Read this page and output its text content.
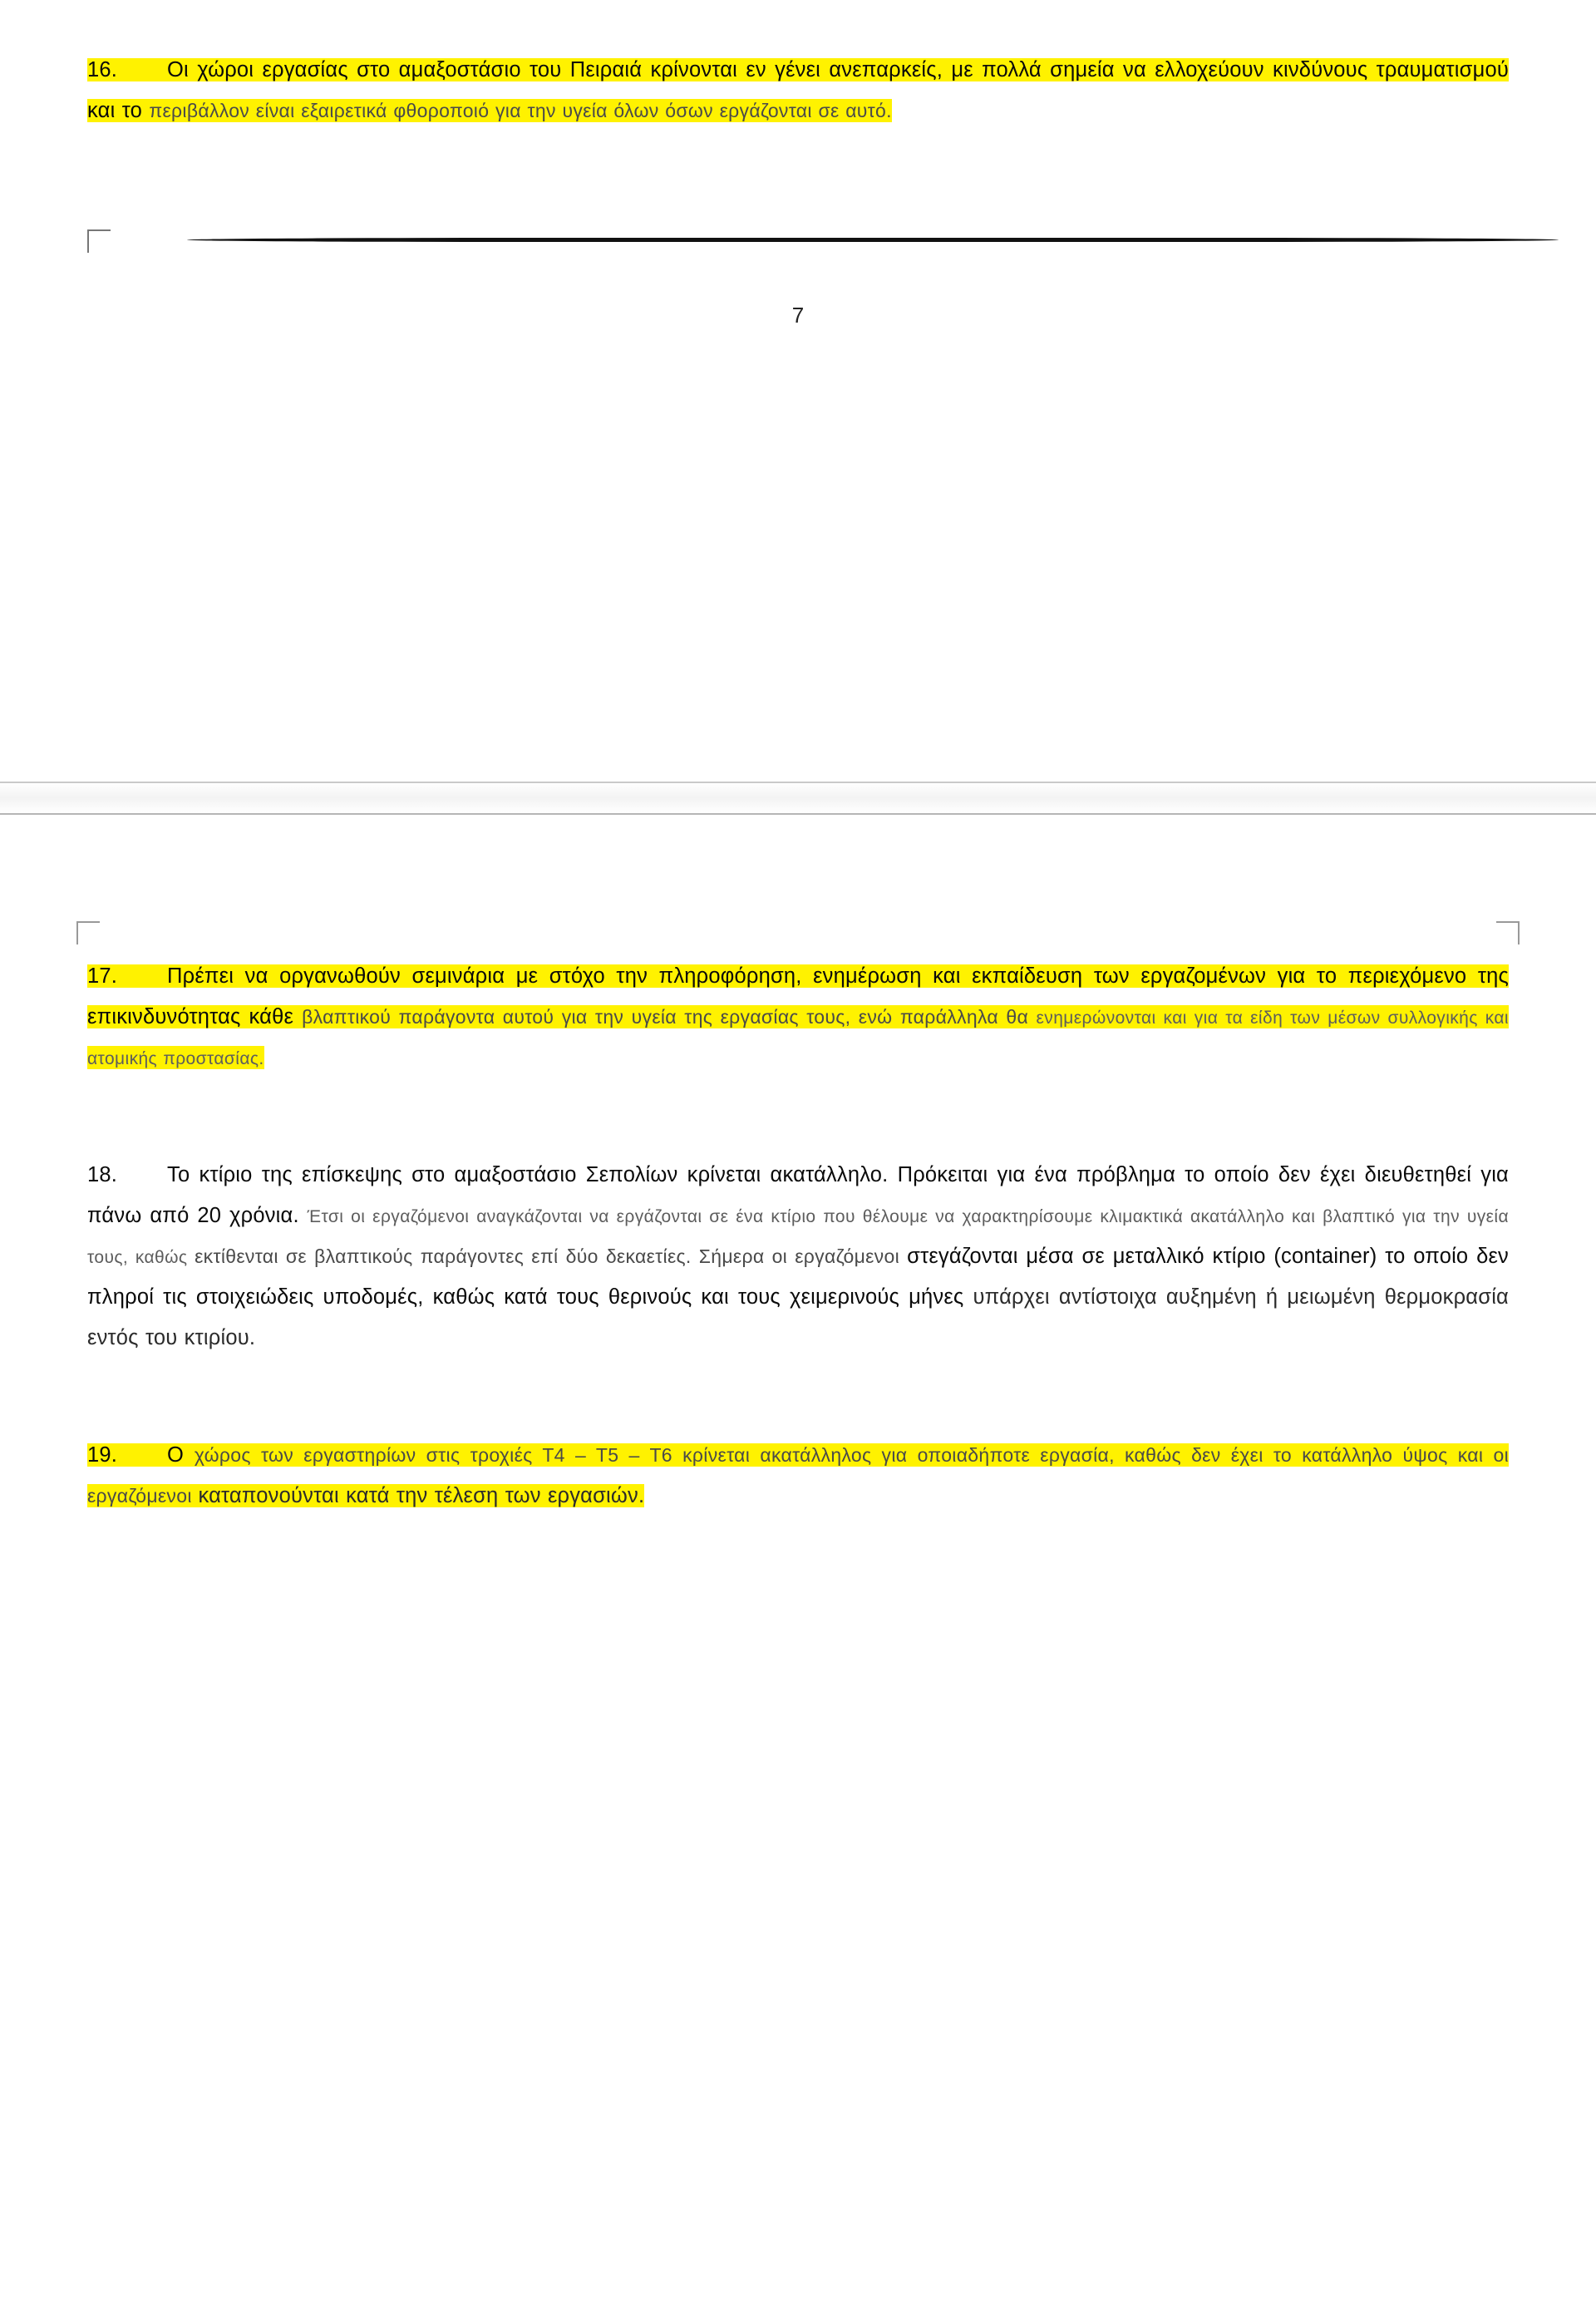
16. Οι χώροι εργασίας στο αμαξοστάσιο του Πειραιά κρίνονται εν γένει ανεπαρκείς, με πολλά σημεία να ελλοχεύουν κινδύνους τραυματισμού και το περιβάλλον είναι εξαιρετικά φθοροποιό για την υγεία όλων όσων εργάζονται σε αυτό.

7

17. Πρέπει να οργανωθούν σεμινάρια με στόχο την πληροφόρηση, ενημέρωση και εκπαίδευση των εργαζομένων για το περιεχόμενο της επικινδυνότητας κάθε βλαπτικού παράγοντα αυτού για την υγεία της εργασίας τους, ενώ παράλληλα θα ενημερώνονται και για τα είδη των μέσων συλλογικής και ατομικής προστασίας.

18. Το κτίριο της επίσκεψης στο αμαξοστάσιο Σεπολίων κρίνεται ακατάλληλο. Πρόκειται για ένα πρόβλημα το οποίο δεν έχει διευθετηθεί για πάνω από 20 χρόνια. Έτσι οι εργαζόμενοι αναγκάζονται να εργάζονται σε ένα κτίριο που θέλουμε να χαρακτηρίσουμε κλιμακτικά ακατάλληλο και βλαπτικό για την υγεία τους, καθώς εκτίθενται σε βλαπτικούς παράγοντες επί δύο δεκαετίες. Σήμερα οι εργαζόμενοι στεγάζονται μέσα σε μεταλλικό κτίριο (container) το οποίο δεν πληροί τις στοιχειώδεις υποδομές, καθώς κατά τους θερινούς και τους χειμερινούς μήνες υπάρχει αντίστοιχα αυξημένη ή μειωμένη θερμοκρασία εντός του κτιρίου.

19. Ο χώρος των εργαστηρίων στις τροχιές Τ4 – Τ5 – Τ6 κρίνεται ακατάλληλος για οποιαδήποτε εργασία, καθώς δεν έχει το κατάλληλο ύψος και οι εργαζόμενοι καταπονούνται κατά την τέλεση των εργασιών.
